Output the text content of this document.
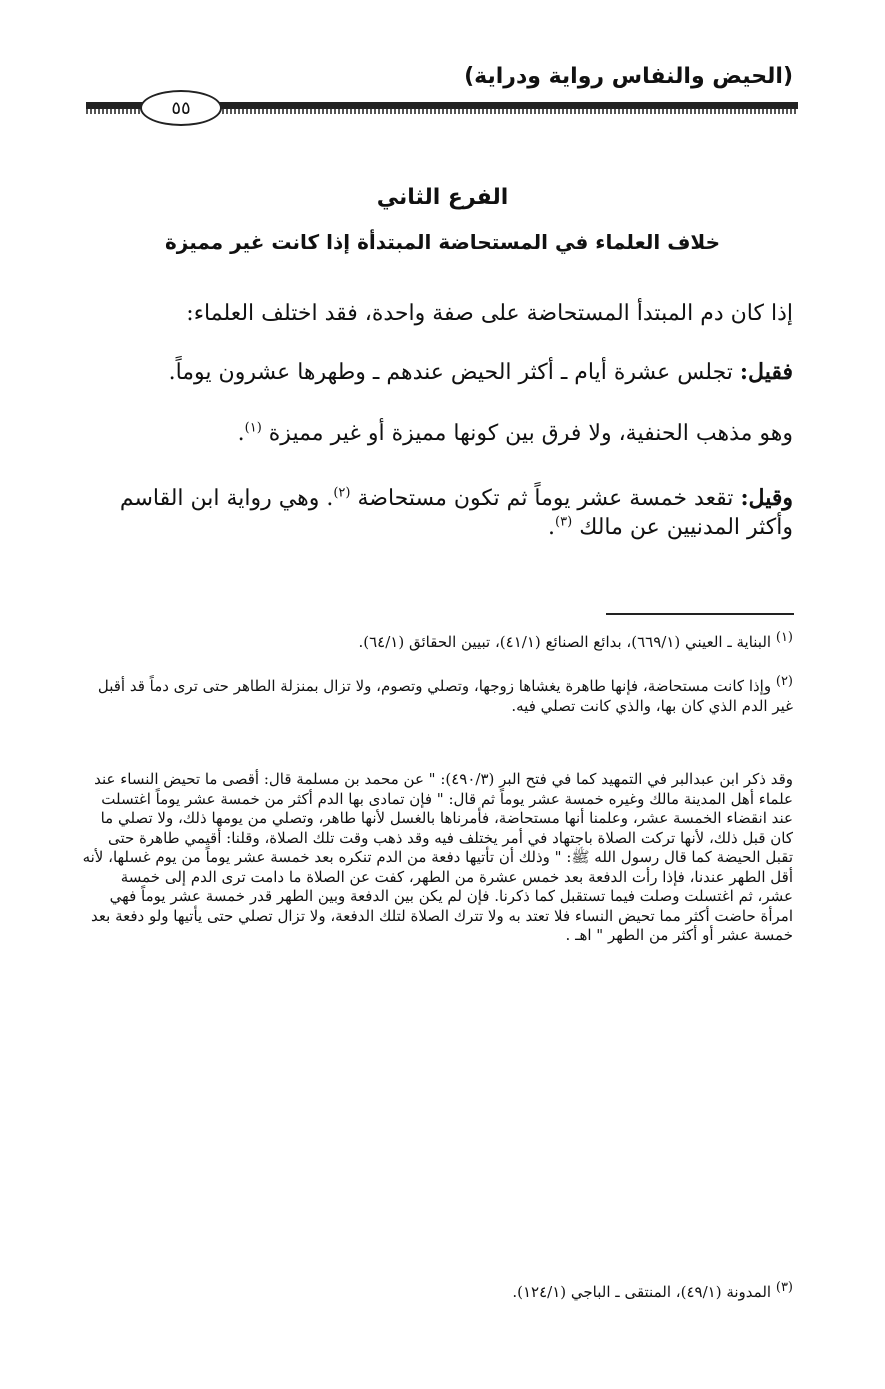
(الحيض والنفاس رواية ودراية)
٥٥
الفرع الثاني
خلاف العلماء في المستحاضة المبتدأة إذا كانت غير مميزة
إذا كان دم المبتدأ المستحاضة على صفة واحدة، فقد اختلف العلماء:
فقيل: تجلس عشرة أيام ـ أكثر الحيض عندهم ـ وطهرها عشرون يوماً.
وهو مذهب الحنفية، ولا فرق بين كونها مميزة أو غير مميزة $^{(١)}$.
وقيل: تقعد خمسة عشر يوماً ثم تكون مستحاضة $^{(٢)}$. وهي رواية ابن القاسم وأكثر المدنيين عن مالك $^{(٣)}$.
(١) البناية ـ العيني (٦٦٩/١)، بدائع الصنائع (٤١/١)، تبيين الحقائق (٦٤/١).
(٢) وإذا كانت مستحاضة، فإنها طاهرة يغشاها زوجها، وتصلي وتصوم، ولا تزال بمنزلة الطاهر حتى ترى دماً قد أقبل غير الدم الذي كان بها، والذي كانت تصلي فيه.
وقد ذكر ابن عبدالبر في التمهيد كما في فتح البر (٤٩٠/٣): " عن محمد بن مسلمة قال: أقصى ما تحيض النساء عند علماء أهل المدينة مالك وغيره خمسة عشر يوماً ثم قال: " فإن تمادى بها الدم أكثر من خمسة عشر يوماً اغتسلت عند انقضاء الخمسة عشر، وعلمنا أنها مستحاضة، فأمرناها بالغسل لأنها طاهر، وتصلي من يومها ذلك، ولا تصلي ما كان قبل ذلك، لأنها تركت الصلاة باجتهاد في أمر يختلف فيه وقد ذهب وقت تلك الصلاة، وقلنا: أقيمي طاهرة حتى تقبل الحيضة كما قال رسول الله ﷺ: " وذلك أن تأتيها دفعة من الدم تنكره بعد خمسة عشر يوماً من يوم غسلها، لأنه أقل الطهر عندنا، فإذا رأت الدفعة بعد خمس عشرة من الطهر، كفت عن الصلاة ما دامت ترى الدم إلى خمسة عشر، ثم اغتسلت وصلت فيما تستقبل كما ذكرنا. فإن لم يكن بين الدفعة وبين الطهر قدر خمسة عشر يوماً فهي امرأة حاضت أكثر مما تحيض النساء فلا تعتد به ولا تترك الصلاة لتلك الدفعة، ولا تزال تصلي حتى يأتيها ولو دفعة بعد خمسة عشر أو أكثر من الطهر " اهـ .
(٣) المدونة (٤٩/١)، المنتقى ـ الباجي (١٢٤/١).
